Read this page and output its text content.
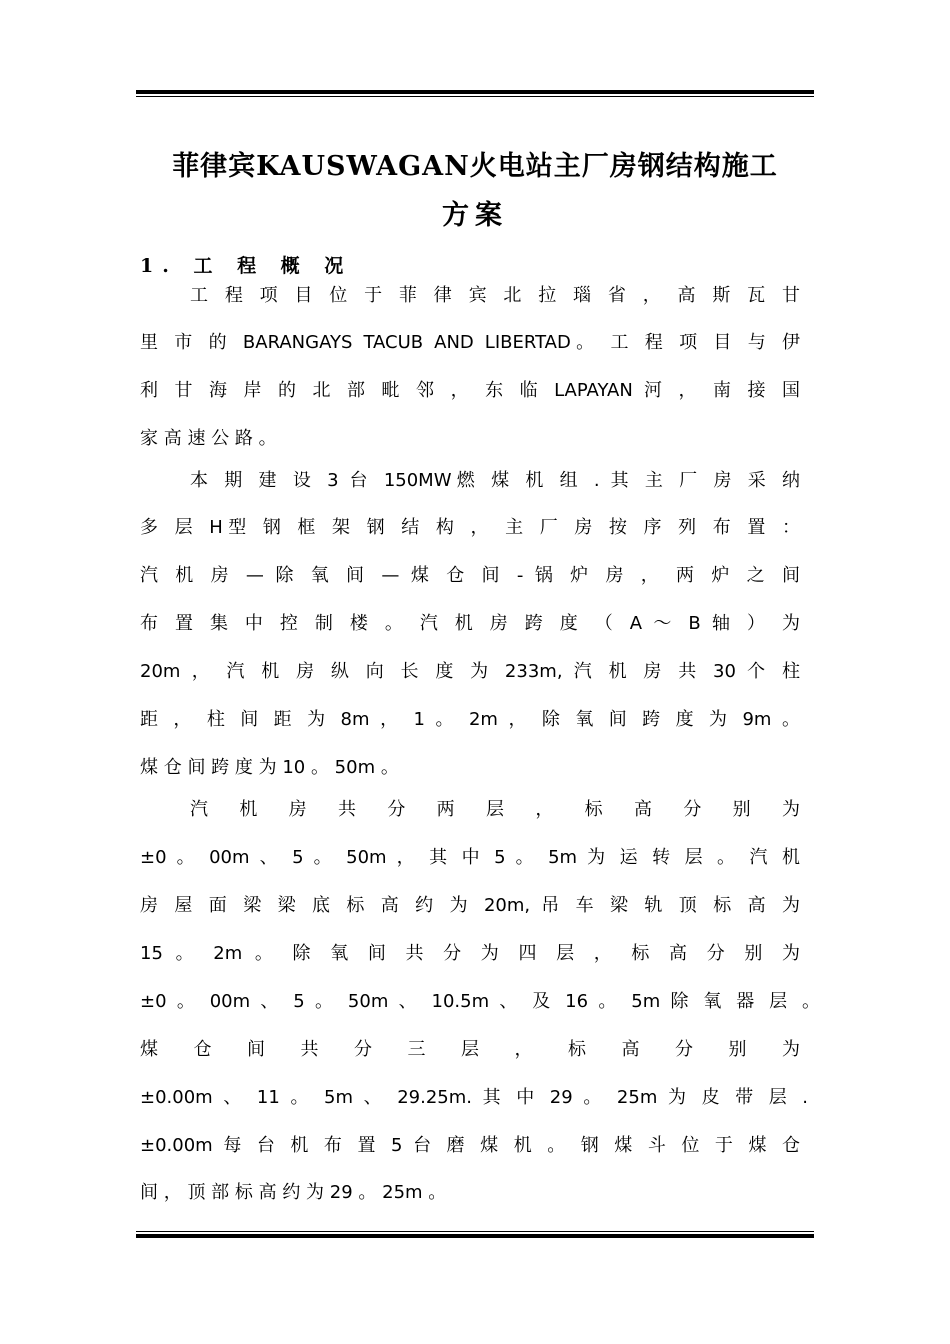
菲律宾KAUSWAGAN火电站主厂房钢结构施工
方案
1. 工 程 概 况
工 程 项 目 位 于 菲 律 宾 北 拉 瑙 省 ， 高 斯 瓦 甘
里 市 的 BARANGAYS TACUB AND LIBERTAD。 工 程 项 目 与 伊
利 甘 海 岸 的 北 部 毗 邻 ， 东 临 LAPAYAN 河 ， 南 接 国
家 高 速 公 路 。
本 期 建 设 3 台 150MW燃 煤 机 组 . 其 主 厂 房 采 纳
多 层 H型 钢 框 架 钢 结 构 ， 主 厂 房 按 序 列 布 置 ：
汽 机 房 — 除 氧 间 — 煤 仓 间 - 锅 炉 房 ， 两 炉 之 间
布 置 集 中 控 制 楼 。 汽 机 房 跨 度 （ A ～ B 轴 ） 为
20m ， 汽 机 房 纵 向 长 度 为 233m, 汽 机 房 共 30 个 柱
距 ， 柱 间 距 为 8m ， 1 。 2m ， 除 氧 间 跨 度 为 9m 。
煤 仓 间 跨 度 为 10 。 50m 。
汽 机 房 共 分 两 层 ， 标 高 分 别 为
±0 。 00m 、 5 。 50m ， 其 中 5 。 5m 为 运 转 层 。 汽 机
房 屋 面 梁 梁 底 标 高 约 为 20m, 吊 车 梁 轨 顶 标 高 为
15 。 2m 。 除 氧 间 共 分 为 四 层 ， 标 高 分 别 为
±0 。 00m 、 5 。 50m 、 10.5m 、 及 16 。 5m 除 氧 器 层 。
煤 仓 间 共 分 三 层 ， 标 高 分 别 为
±0.00m 、 11 。 5m 、 29.25m. 其 中 29 。 25m 为 皮 带 层 .
±0.00m 每 台 机 布 置 5 台 磨 煤 机 。 钢 煤 斗 位 于 煤 仓
间 ， 顶 部 标 高 约 为 29 。 25m 。
